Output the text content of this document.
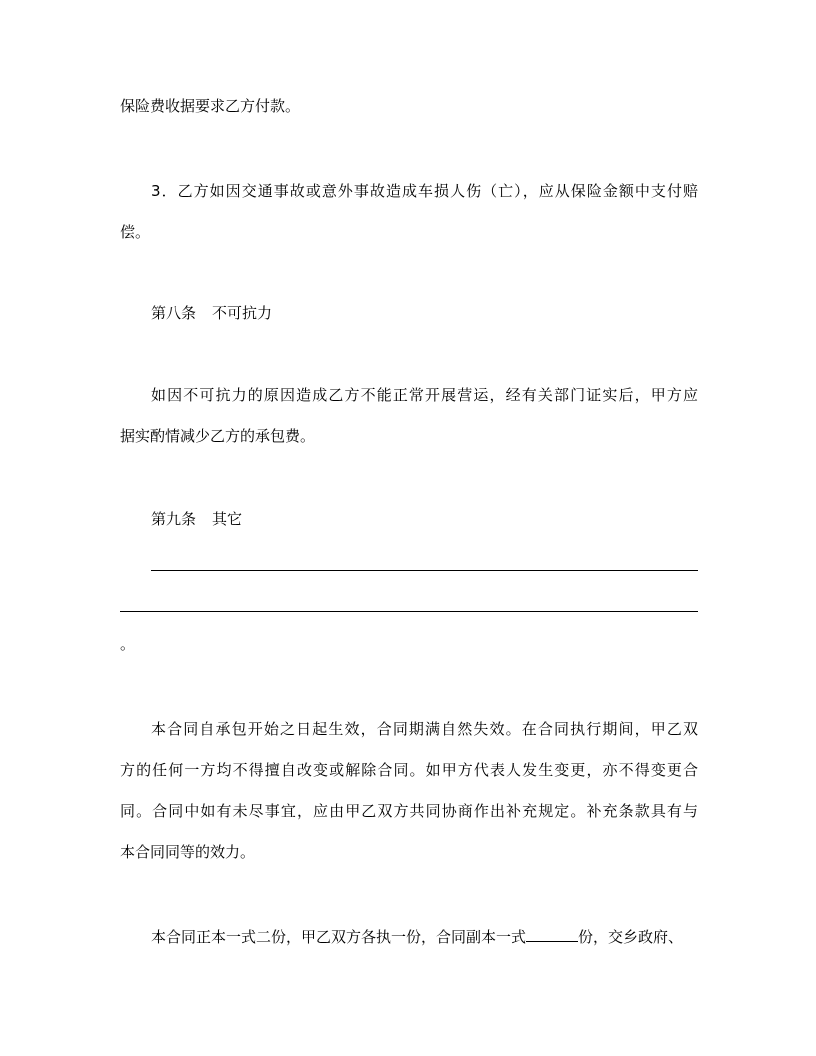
保险费收据要求乙方付款。
3．乙方如因交通事故或意外事故造成车损人伤（亡），应从保险金额中支付赔
偿。
第八条 不可抗力
如因不可抗力的原因造成乙方不能正常开展营运，经有关部门证实后，甲方应
据实酌情减少乙方的承包费。
第九条 其它
。
本合同自承包开始之日起生效，合同期满自然失效。在合同执行期间，甲乙双
方的任何一方均不得擅自改变或解除合同。如甲方代表人发生变更，亦不得变更合
同。合同中如有未尽事宜，应由甲乙双方共同协商作出补充规定。补充条款具有与
本合同同等的效力。
本合同正本一式二份，甲乙双方各执一份，合同副本一式	份，交乡政府、
